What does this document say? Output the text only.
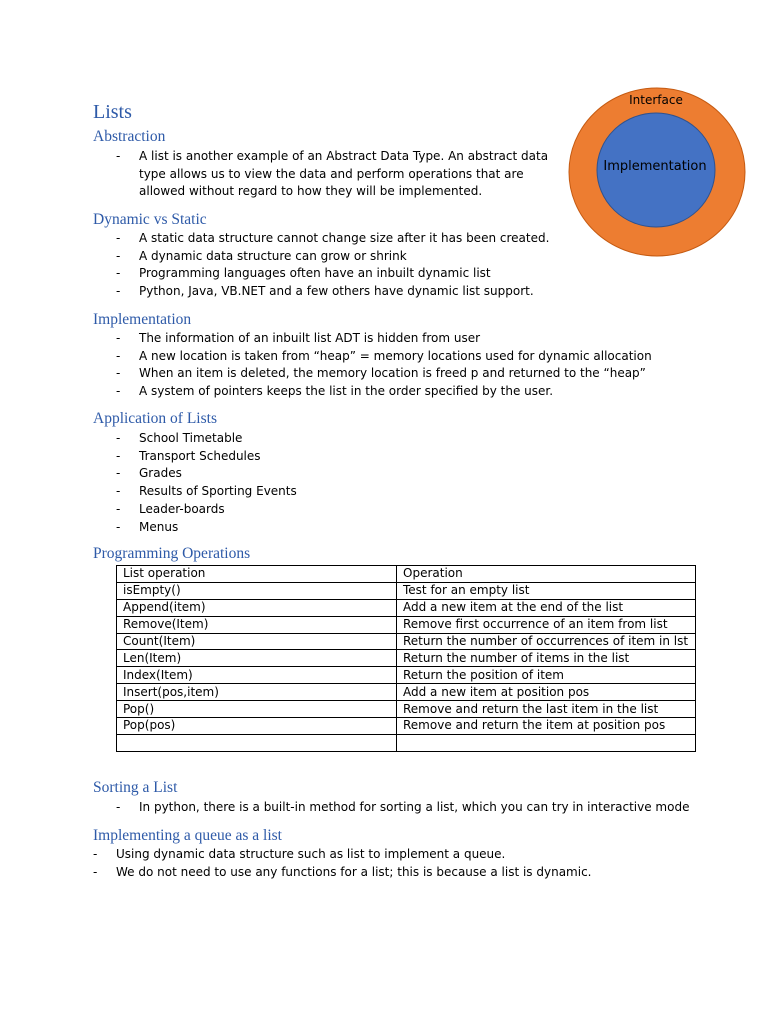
Lists
Interface
Implementation
Abstraction
- A list is another example of an Abstract Data Type. An abstract data type allows us to view the data and perform operations that are allowed without regard to how they will be implemented.
Dynamic vs Static
- A static data structure cannot change size after it has been created.
- A dynamic data structure can grow or shrink
- Programming languages often have an inbuilt dynamic list
- Python, Java, VB.NET and a few others have dynamic list support.
Implementation
- The information of an inbuilt list ADT is hidden from user
- A new location is taken from “heap” = memory locations used for dynamic allocation
- When an item is deleted, the memory location is freed p and returned to the “heap”
- A system of pointers keeps the list in the order specified by the user.
Application of Lists
- School Timetable
- Transport Schedules
- Grades
- Results of Sporting Events
- Leader-boards
- Menus
Programming Operations
List operation	Operation
isEmpty()	Test for an empty list
Append(item)	Add a new item at the end of the list
Remove(Item)	Remove first occurrence of an item from list
Count(Item)	Return the number of occurrences of item in lst
Len(Item)	Return the number of items in the list
Index(Item)	Return the position of item
Insert(pos,item)	Add a new item at position pos
Pop()	Remove and return the last item in the list
Pop(pos)	Remove and return the item at position pos

Sorting a List
- In python, there is a built-in method for sorting a list, which you can try in interactive mode
Implementing a queue as a list
- Using dynamic data structure such as list to implement a queue.
- We do not need to use any functions for a list; this is because a list is dynamic.
